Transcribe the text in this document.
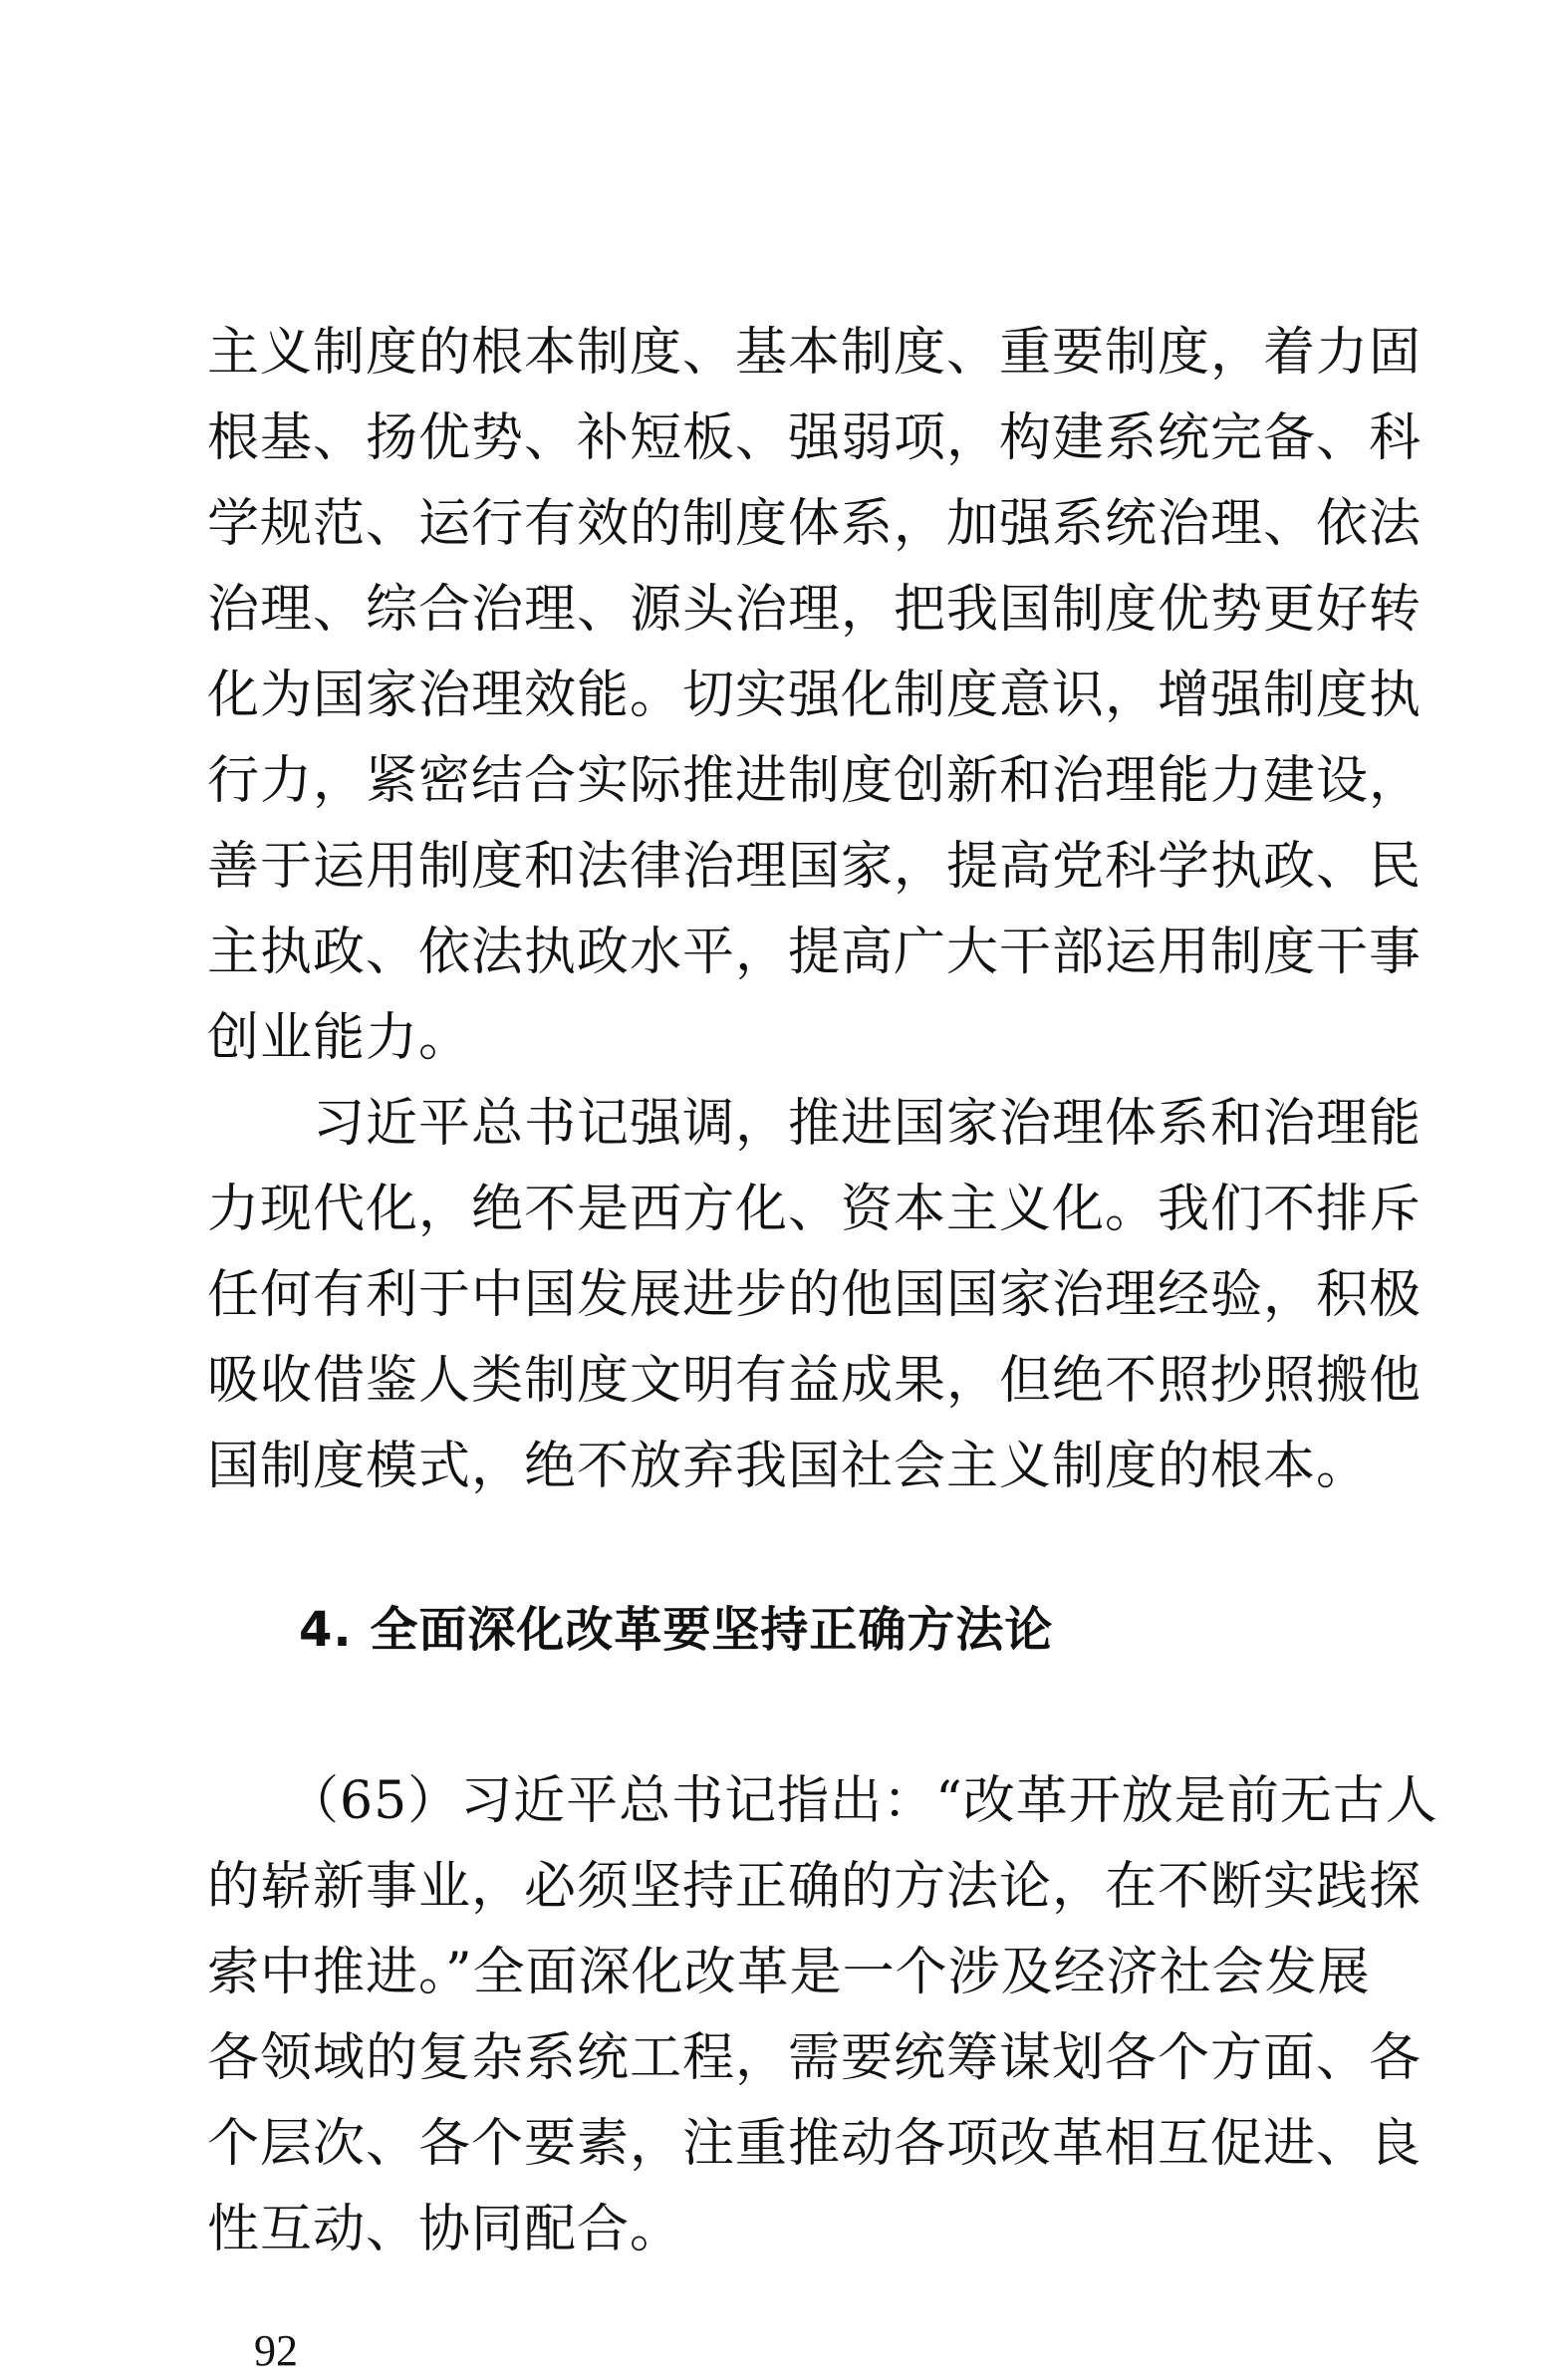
主义制度的根本制度、基本制度、重要制度，着力固
根基、扬优势、补短板、强弱项，构建系统完备、科
学规范、运行有效的制度体系，加强系统治理、依法
治理、综合治理、源头治理，把我国制度优势更好转
化为国家治理效能。切实强化制度意识，增强制度执
行力，紧密结合实际推进制度创新和治理能力建设，
善于运用制度和法律治理国家，提高党科学执政、民
主执政、依法执政水平，提高广大干部运用制度干事
创业能力。
　　习近平总书记强调，推进国家治理体系和治理能
力现代化，绝不是西方化、资本主义化。我们不排斥
任何有利于中国发展进步的他国国家治理经验，积极
吸收借鉴人类制度文明有益成果，但绝不照抄照搬他
国制度模式，绝不放弃我国社会主义制度的根本。
4. 全面深化改革要坚持正确方法论
　　（65）习近平总书记指出：“改革开放是前无古人
的崭新事业，必须坚持正确的方法论，在不断实践探
索中推进。”全面深化改革是一个涉及经济社会发展
各领域的复杂系统工程，需要统筹谋划各个方面、各
个层次、各个要素，注重推动各项改革相互促进、良
性互动、协同配合。
92
